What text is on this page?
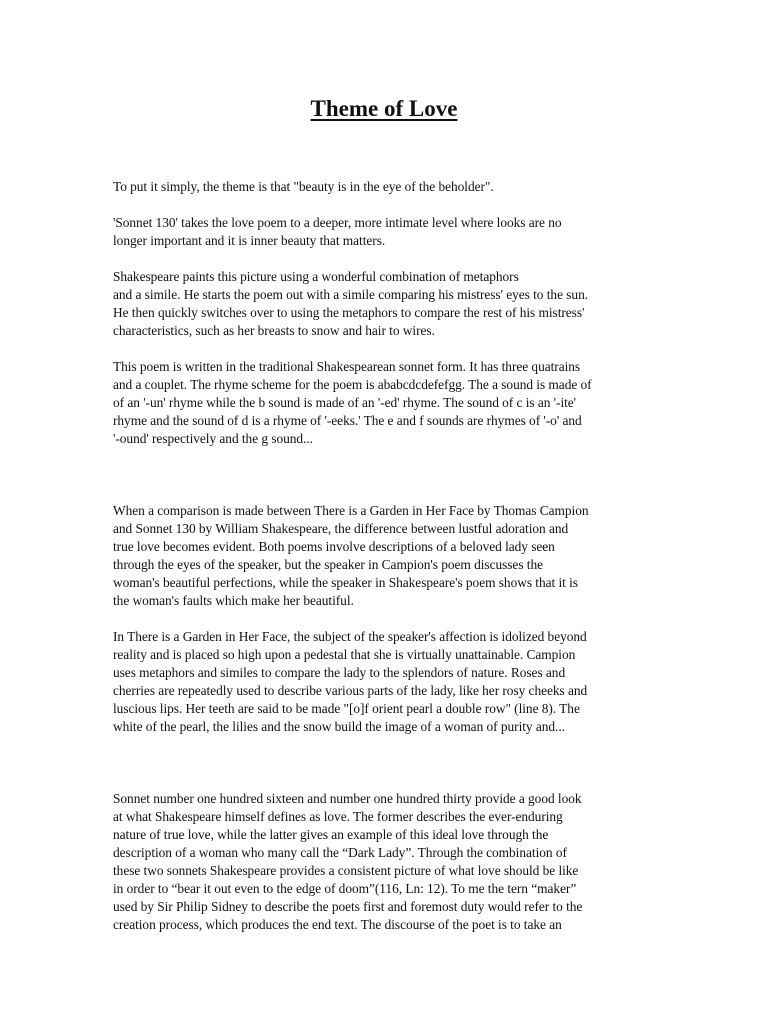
Theme of Love

To put it simply, the theme is that "beauty is in the eye of the beholder".

'Sonnet 130' takes the love poem to a deeper, more intimate level where looks are no
longer important and it is inner beauty that matters.

Shakespeare paints this picture using a wonderful combination of metaphors
and a simile. He starts the poem out with a simile comparing his mistress' eyes to the sun.
He then quickly switches over to using the metaphors to compare the rest of his mistress'
characteristics, such as her breasts to snow and hair to wires.

This poem is written in the traditional Shakespearean sonnet form. It has three quatrains
and a couplet. The rhyme scheme for the poem is ababcdcdefefgg. The a sound is made of
of an '-un' rhyme while the b sound is made of an '-ed' rhyme. The sound of c is an '-ite'
rhyme and the sound of d is a rhyme of '-eeks.' The e and f sounds are rhymes of '-o' and
'-ound' respectively and the g sound...

When a comparison is made between There is a Garden in Her Face by Thomas Campion
and Sonnet 130 by William Shakespeare, the difference between lustful adoration and
true love becomes evident. Both poems involve descriptions of a beloved lady seen
through the eyes of the speaker, but the speaker in Campion's poem discusses the
woman's beautiful perfections, while the speaker in Shakespeare's poem shows that it is
the woman's faults which make her beautiful.

In There is a Garden in Her Face, the subject of the speaker's affection is idolized beyond
reality and is placed so high upon a pedestal that she is virtually unattainable. Campion
uses metaphors and similes to compare the lady to the splendors of nature. Roses and
cherries are repeatedly used to describe various parts of the lady, like her rosy cheeks and
luscious lips. Her teeth are said to be made "[o]f orient pearl a double row" (line 8). The
white of the pearl, the lilies and the snow build the image of a woman of purity and...

Sonnet number one hundred sixteen and number one hundred thirty provide a good look
at what Shakespeare himself defines as love. The former describes the ever-enduring
nature of true love, while the latter gives an example of this ideal love through the
description of a woman who many call the “Dark Lady”. Through the combination of
these two sonnets Shakespeare provides a consistent picture of what love should be like
in order to “bear it out even to the edge of doom”(116, Ln: 12). To me the tern “maker”
used by Sir Philip Sidney to describe the poets first and foremost duty would refer to the
creation process, which produces the end text. The discourse of the poet is to take an
